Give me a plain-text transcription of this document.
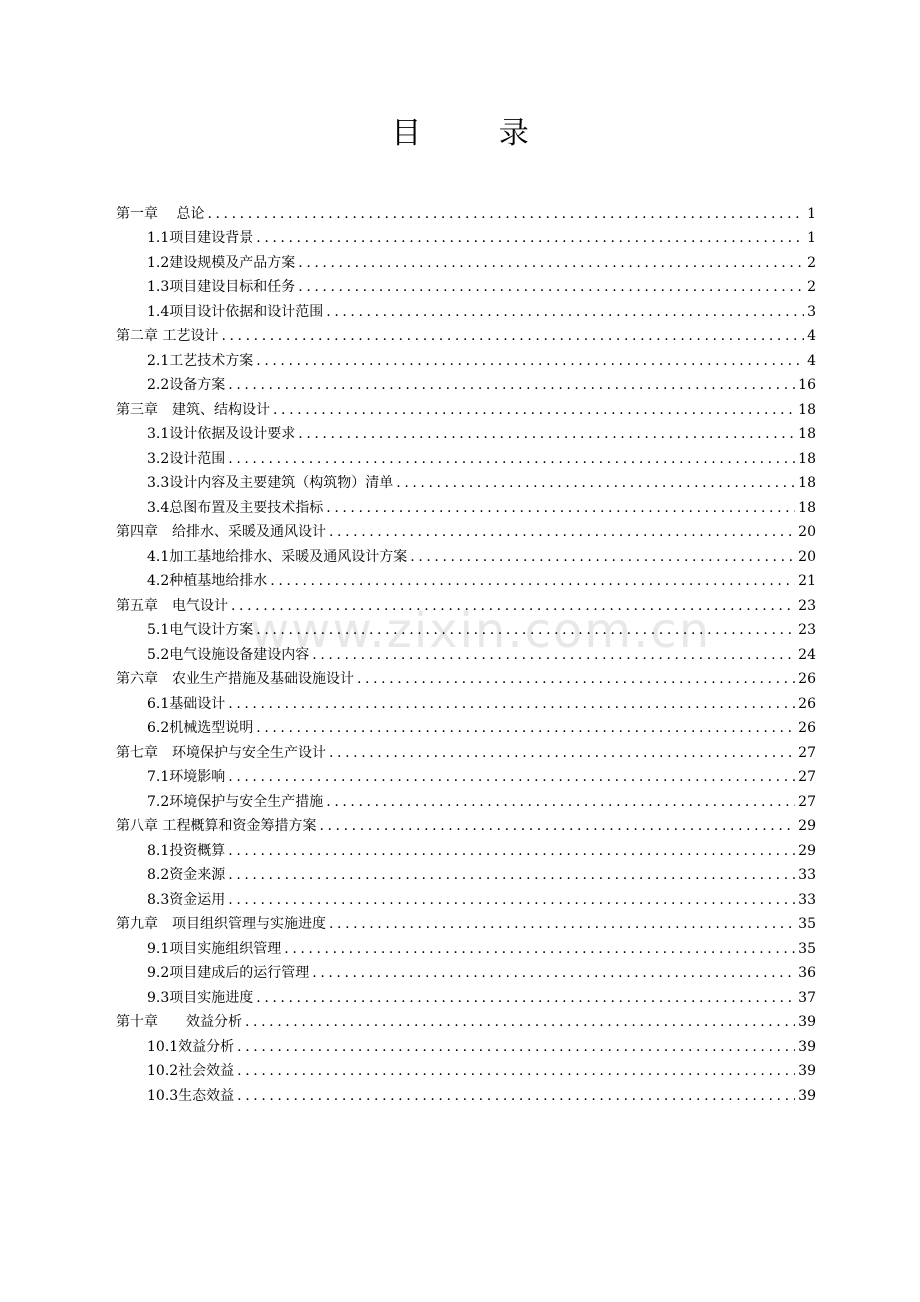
目 录
www.zixin.com.cn
第一章　 总论 .....	1
1.1项目建设背景 .....	1
1.2建设规模及产品方案 .....	2
1.3项目建设目标和任务 .....	2
1.4项目设计依据和设计范围 .....	3
第二章 工艺设计 .....	4
2.1工艺技术方案 .....	4
2.2设备方案 .....	16
第三章　建筑、结构设计 .....	18
3.1设计依据及设计要求 .....	18
3.2设计范围 .....	18
3.3设计内容及主要建筑（构筑物）清单 .....	18
3.4总图布置及主要技术指标 .....	18
第四章　给排水、采暖及通风设计 .....	20
4.1加工基地给排水、采暖及通风设计方案 .....	20
4.2种植基地给排水 .....	21
第五章　电气设计 .....	23
5.1电气设计方案 .....	23
5.2电气设施设备建设内容 .....	24
第六章　农业生产措施及基础设施设计 .....	26
6.1基础设计 .....	26
6.2机械选型说明 .....	26
第七章　环境保护与安全生产设计 .....	27
7.1环境影响 .....	27
7.2环境保护与安全生产措施 .....	27
第八章 工程概算和资金筹措方案 .....	29
8.1投资概算 .....	29
8.2资金来源 .....	33
8.3资金运用 .....	33
第九章　项目组织管理与实施进度 .....	35
9.1项目实施组织管理 .....	35
9.2项目建成后的运行管理 .....	36
9.3项目实施进度 .....	37
第十章　　效益分析 .....	39
10.1效益分析 .....	39
10.2社会效益 .....	39
10.3生态效益 .....	39
